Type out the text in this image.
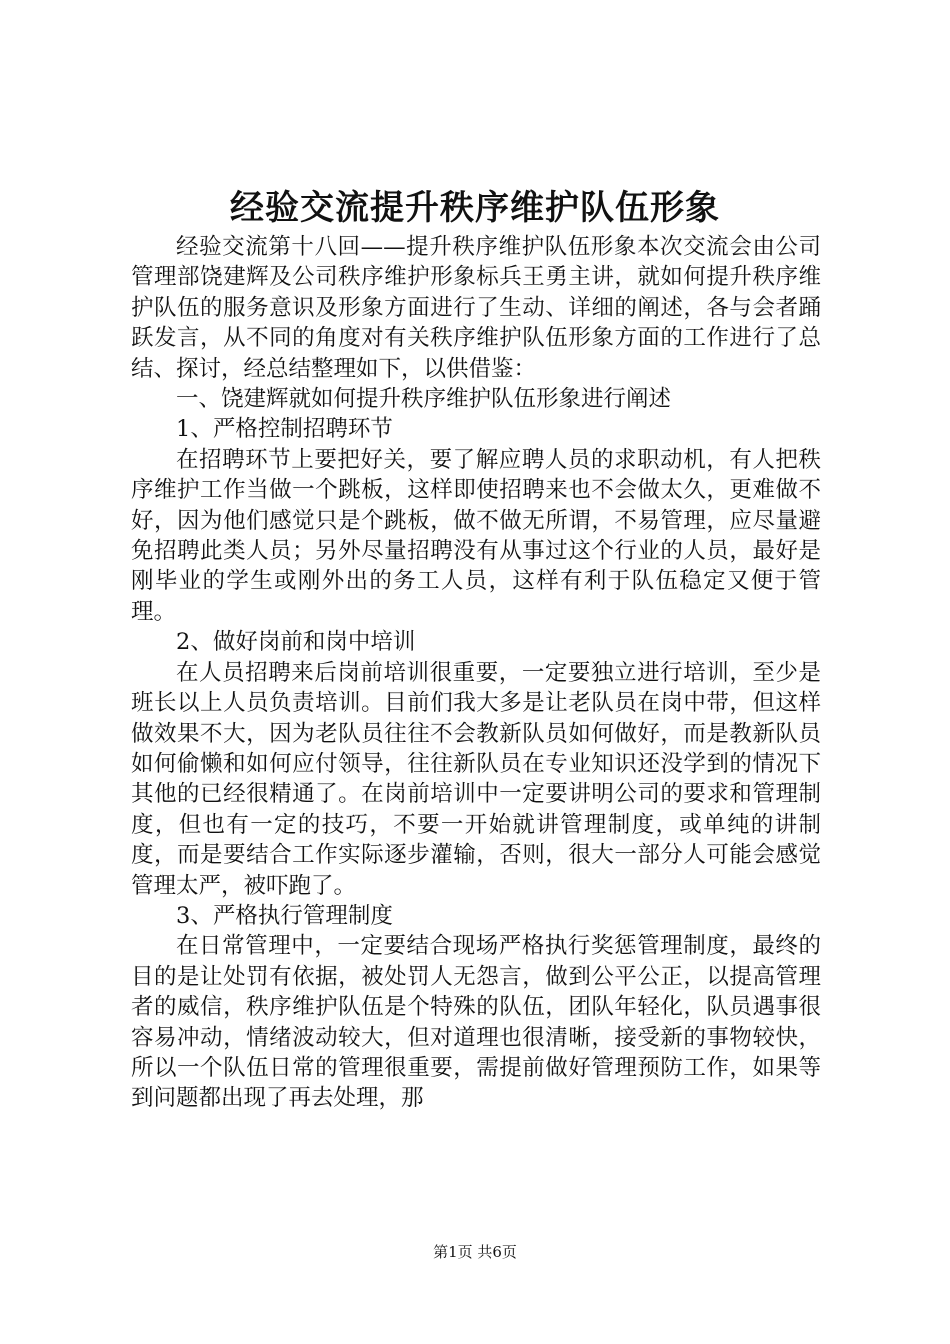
经验交流提升秩序维护队伍形象

经验交流第十八回——提升秩序维护队伍形象本次交流会由公司管理部饶建辉及公司秩序维护形象标兵王勇主讲，就如何提升秩序维护队伍的服务意识及形象方面进行了生动、详细的阐述，各与会者踊跃发言，从不同的角度对有关秩序维护队伍形象方面的工作进行了总结、探讨，经总结整理如下，以供借鉴：

一、饶建辉就如何提升秩序维护队伍形象进行阐述

1、严格控制招聘环节

在招聘环节上要把好关，要了解应聘人员的求职动机，有人把秩序维护工作当做一个跳板，这样即使招聘来也不会做太久，更难做不好，因为他们感觉只是个跳板，做不做无所谓，不易管理，应尽量避免招聘此类人员；另外尽量招聘没有从事过这个行业的人员，最好是刚毕业的学生或刚外出的务工人员，这样有利于队伍稳定又便于管理。

2、做好岗前和岗中培训

在人员招聘来后岗前培训很重要，一定要独立进行培训，至少是班长以上人员负责培训。目前们我大多是让老队员在岗中带，但这样做效果不大，因为老队员往往不会教新队员如何做好，而是教新队员如何偷懒和如何应付领导，往往新队员在专业知识还没学到的情况下其他的已经很精通了。在岗前培训中一定要讲明公司的要求和管理制度，但也有一定的技巧，不要一开始就讲管理制度，或单纯的讲制度，而是要结合工作实际逐步灌输，否则，很大一部分人可能会感觉管理太严，被吓跑了。

3、严格执行管理制度

在日常管理中，一定要结合现场严格执行奖惩管理制度，最终的目的是让处罚有依据，被处罚人无怨言，做到公平公正，以提高管理者的威信，秩序维护队伍是个特殊的队伍，团队年轻化，队员遇事很容易冲动，情绪波动较大，但对道理也很清晰，接受新的事物较快，所以一个队伍日常的管理很重要，需提前做好管理预防工作，如果等到问题都出现了再去处理，那

第1页 共6页
